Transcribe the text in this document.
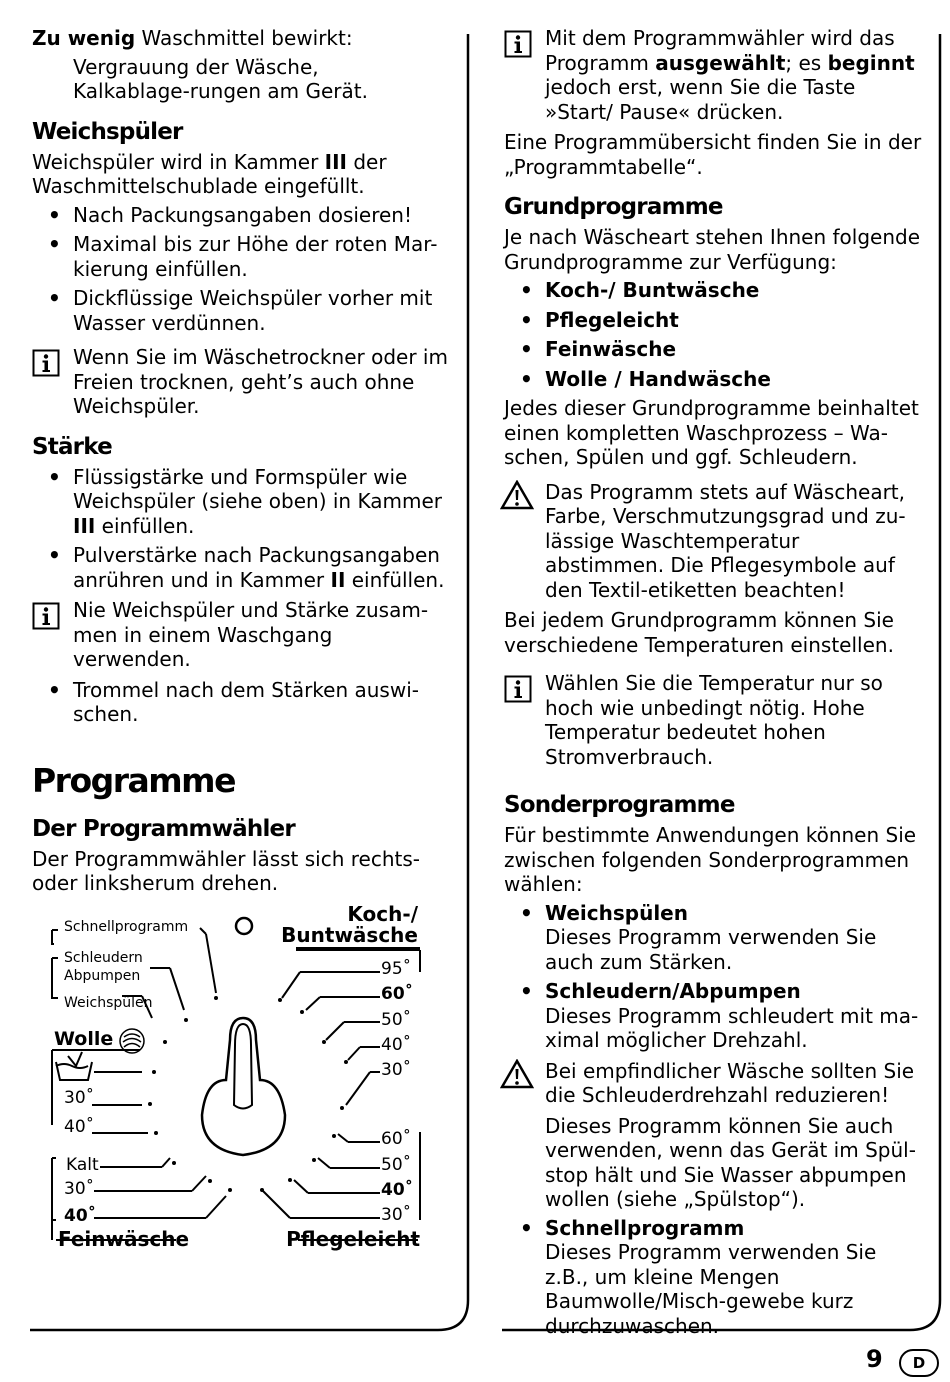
Zu wenig Waschmittel bewirkt:

Vergrauung der Wäsche, Kalkablage-rungen am Gerät.

Weichspüler

Weichspüler wird in Kammer III der Waschmittelschublade eingefüllt.

• Nach Packungsangaben dosieren!
• Maximal bis zur Höhe der roten Mar-kierung einfüllen.
• Dickflüssige Weichspüler vorher mit Wasser verdünnen.
Wenn Sie im Wäschetrockner oder im Freien trocknen, geht’s auch ohne Weichspüler.
Stärke
• Flüssigstärke und Formspüler wie Weichspüler (siehe oben) in Kammer III einfüllen.
• Pulverstärke nach Packungsangaben anrühren und in Kammer II einfüllen.
Nie Weichspüler und Stärke zusam-men in einem Waschgang verwenden.
• Trommel nach dem Stärken auswi-schen.
Programme
Der Programmwähler

Der Programmwähler lässt sich rechts- oder linksherum drehen.

Schnellprogramm
Schleudern
Abpumpen
Weichspülen
Wolle
30˚
40˚
Kalt
30˚
40˚
Feinwäsche
Koch-/
Buntwäsche
95˚
60˚
50˚
40˚
30˚
60˚
50˚
40˚
30˚
Pflegeleicht
Mit dem Programmwähler wird das Programm ausgewählt; es beginnt jedoch erst, wenn Sie die Taste »Start/ Pause« drücken.

Eine Programmübersicht finden Sie in der „Programmtabelle“.

Grundprogramme

Je nach Wäscheart stehen Ihnen folgende Grundprogramme zur Verfügung:

• Koch-/ Buntwäsche
• Pflegeleicht
• Feinwäsche
• Wolle / Handwäsche

Jedes dieser Grundprogramme beinhaltet einen kompletten Waschprozess – Wa-schen, Spülen und ggf. Schleudern.

Das Programm stets auf Wäscheart, Farbe, Verschmutzungsgrad und zu-lässige Waschtemperatur abstimmen. Die Pflegesymbole auf den Textil-etiketten beachten!

Bei jedem Grundprogramm können Sie verschiedene Temperaturen einstellen.

Wählen Sie die Temperatur nur so hoch wie unbedingt nötig. Hohe Temperatur bedeutet hohen Stromverbrauch.
Sonderprogramme

Für bestimmte Anwendungen können Sie zwischen folgenden Sonderprogrammen wählen:

• Weichspülen
Dieses Programm verwenden Sie auch zum Stärken.
• Schleudern/Abpumpen
Dieses Programm schleudert mit ma-ximal möglicher Drehzahl.
Bei empfindlicher Wäsche sollten Sie die Schleuderdrehzahl reduzieren!

Dieses Programm können Sie auch verwenden, wenn das Gerät im Spül-stop hält und Sie Wasser abpumpen wollen (siehe „Spülstop“).

• Schnellprogramm
Dieses Programm verwenden Sie z.B., um kleine Mengen Baumwolle/Misch-gewebe kurz durchzuwaschen.
9	D
